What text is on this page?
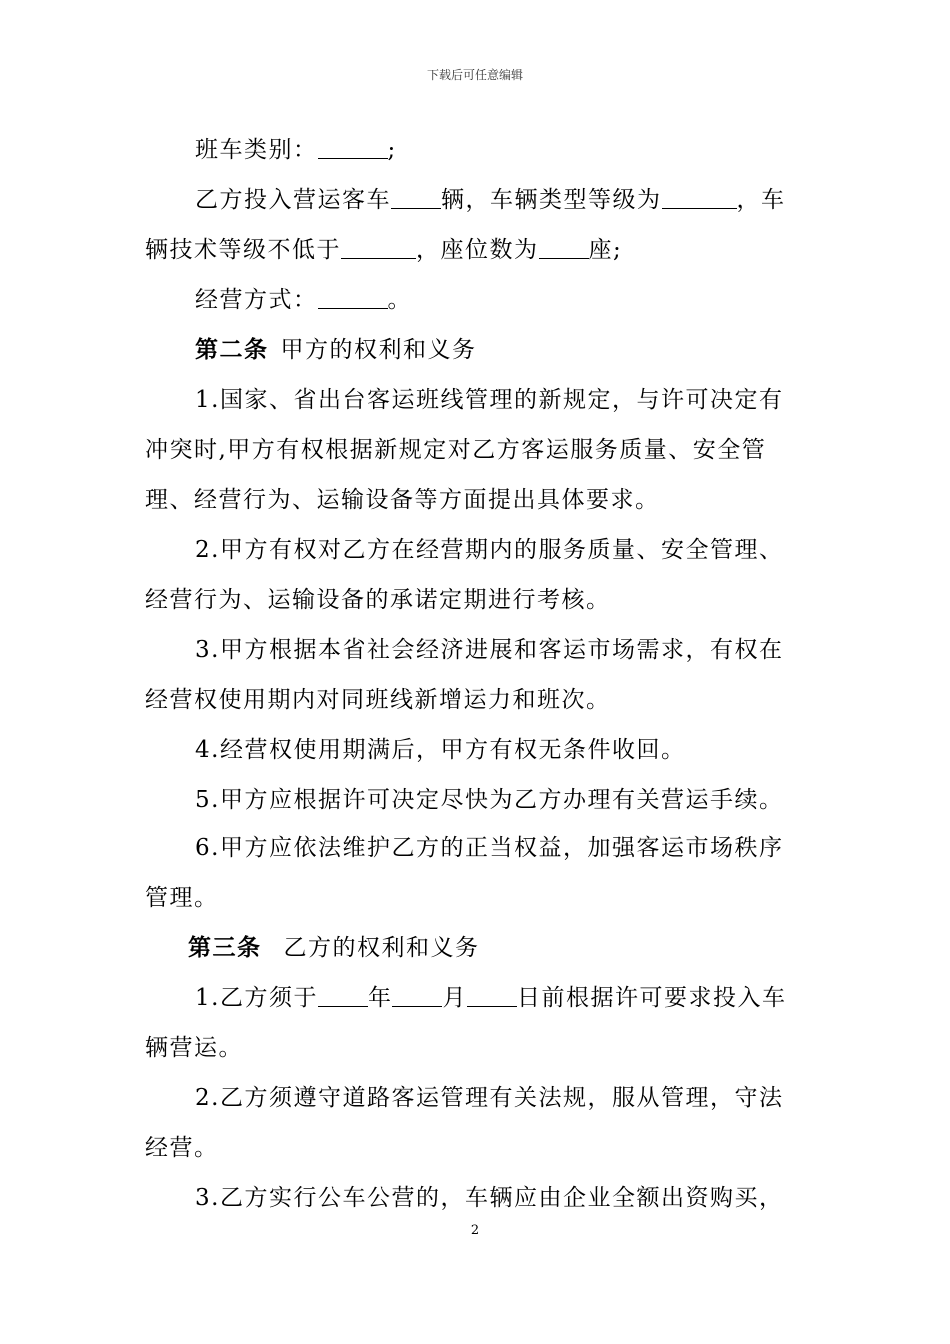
下载后可任意编辑
班车类别：	;
乙方投入营运客车 辆，车辆类型等级为	，车
辆技术等级不低于	，座位数为 座;
经营方式：	。
第二条 甲方的权利和义务
1.国家、省出台客运班线管理的新规定，与许可决定有
冲突时,甲方有权根据新规定对乙方客运服务质量、安全管
理、经营行为、运输设备等方面提出具体要求。
2.甲方有权对乙方在经营期内的服务质量、安全管理、
经营行为、运输设备的承诺定期进行考核。
3.甲方根据本省社会经济进展和客运市场需求，有权在
经营权使用期内对同班线新增运力和班次。
4.经营权使用期满后，甲方有权无条件收回。
5.甲方应根据许可决定尽快为乙方办理有关营运手续。
6.甲方应依法维护乙方的正当权益，加强客运市场秩序
管理。
第三条 乙方的权利和义务
1.乙方须于 年 月 日前根据许可要求投入车
辆营运。
2.乙方须遵守道路客运管理有关法规，服从管理，守法
经营。
3.乙方实行公车公营的，车辆应由企业全额出资购买，
2
